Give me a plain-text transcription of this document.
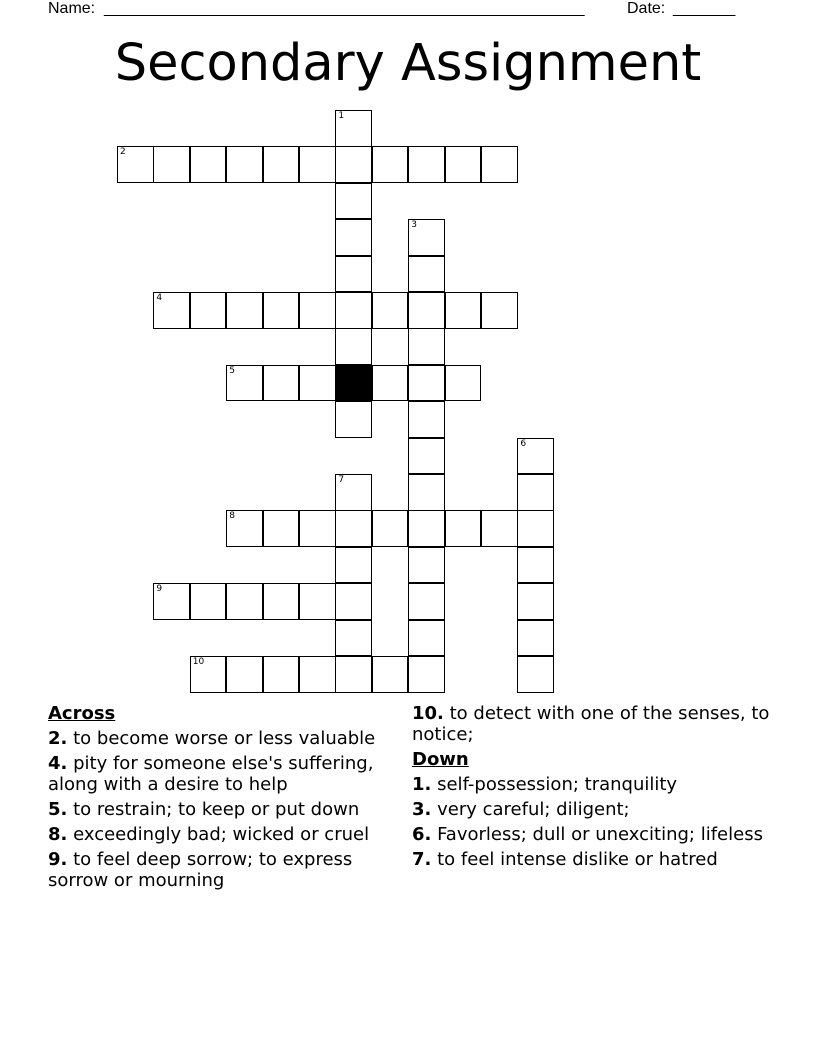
Name: ______________________________________________________	Date: _______
Secondary Assignment
1
2
3
4
5
6
7
8
9
10
Across
2. to become worse or less valuable
4. pity for someone else's suffering, along with a desire to help
5. to restrain; to keep or put down
8. exceedingly bad; wicked or cruel
9. to feel deep sorrow; to express sorrow or mourning
10. to detect with one of the senses, to notice;
Down
1. self-possession; tranquility
3. very careful; diligent;
6. Favorless; dull or unexciting; lifeless
7. to feel intense dislike or hatred
